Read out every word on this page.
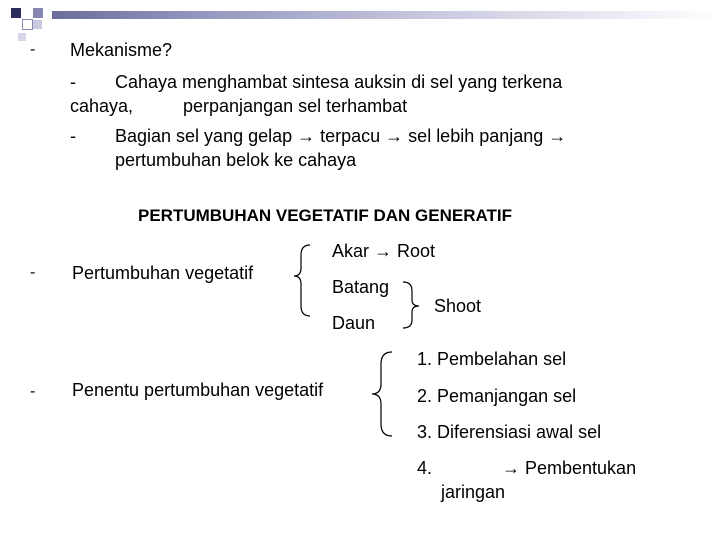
- Mekanisme?
- Cahaya menghambat sintesa auksin di sel yang terkena
cahaya,	perpanjangan sel terhambat
- Bagian sel yang gelap → terpacu → sel lebih panjang →
pertumbuhan belok ke cahaya
PERTUMBUHAN VEGETATIF DAN GENERATIF
- Pertumbuhan vegetatif
Akar → Root
Batang
Daun
Shoot
- Penentu pertumbuhan vegetatif
1. Pembelahan sel
2. Pemanjangan sel
3. Diferensiasi awal sel
4.	→ Pembentukan
jaringan
